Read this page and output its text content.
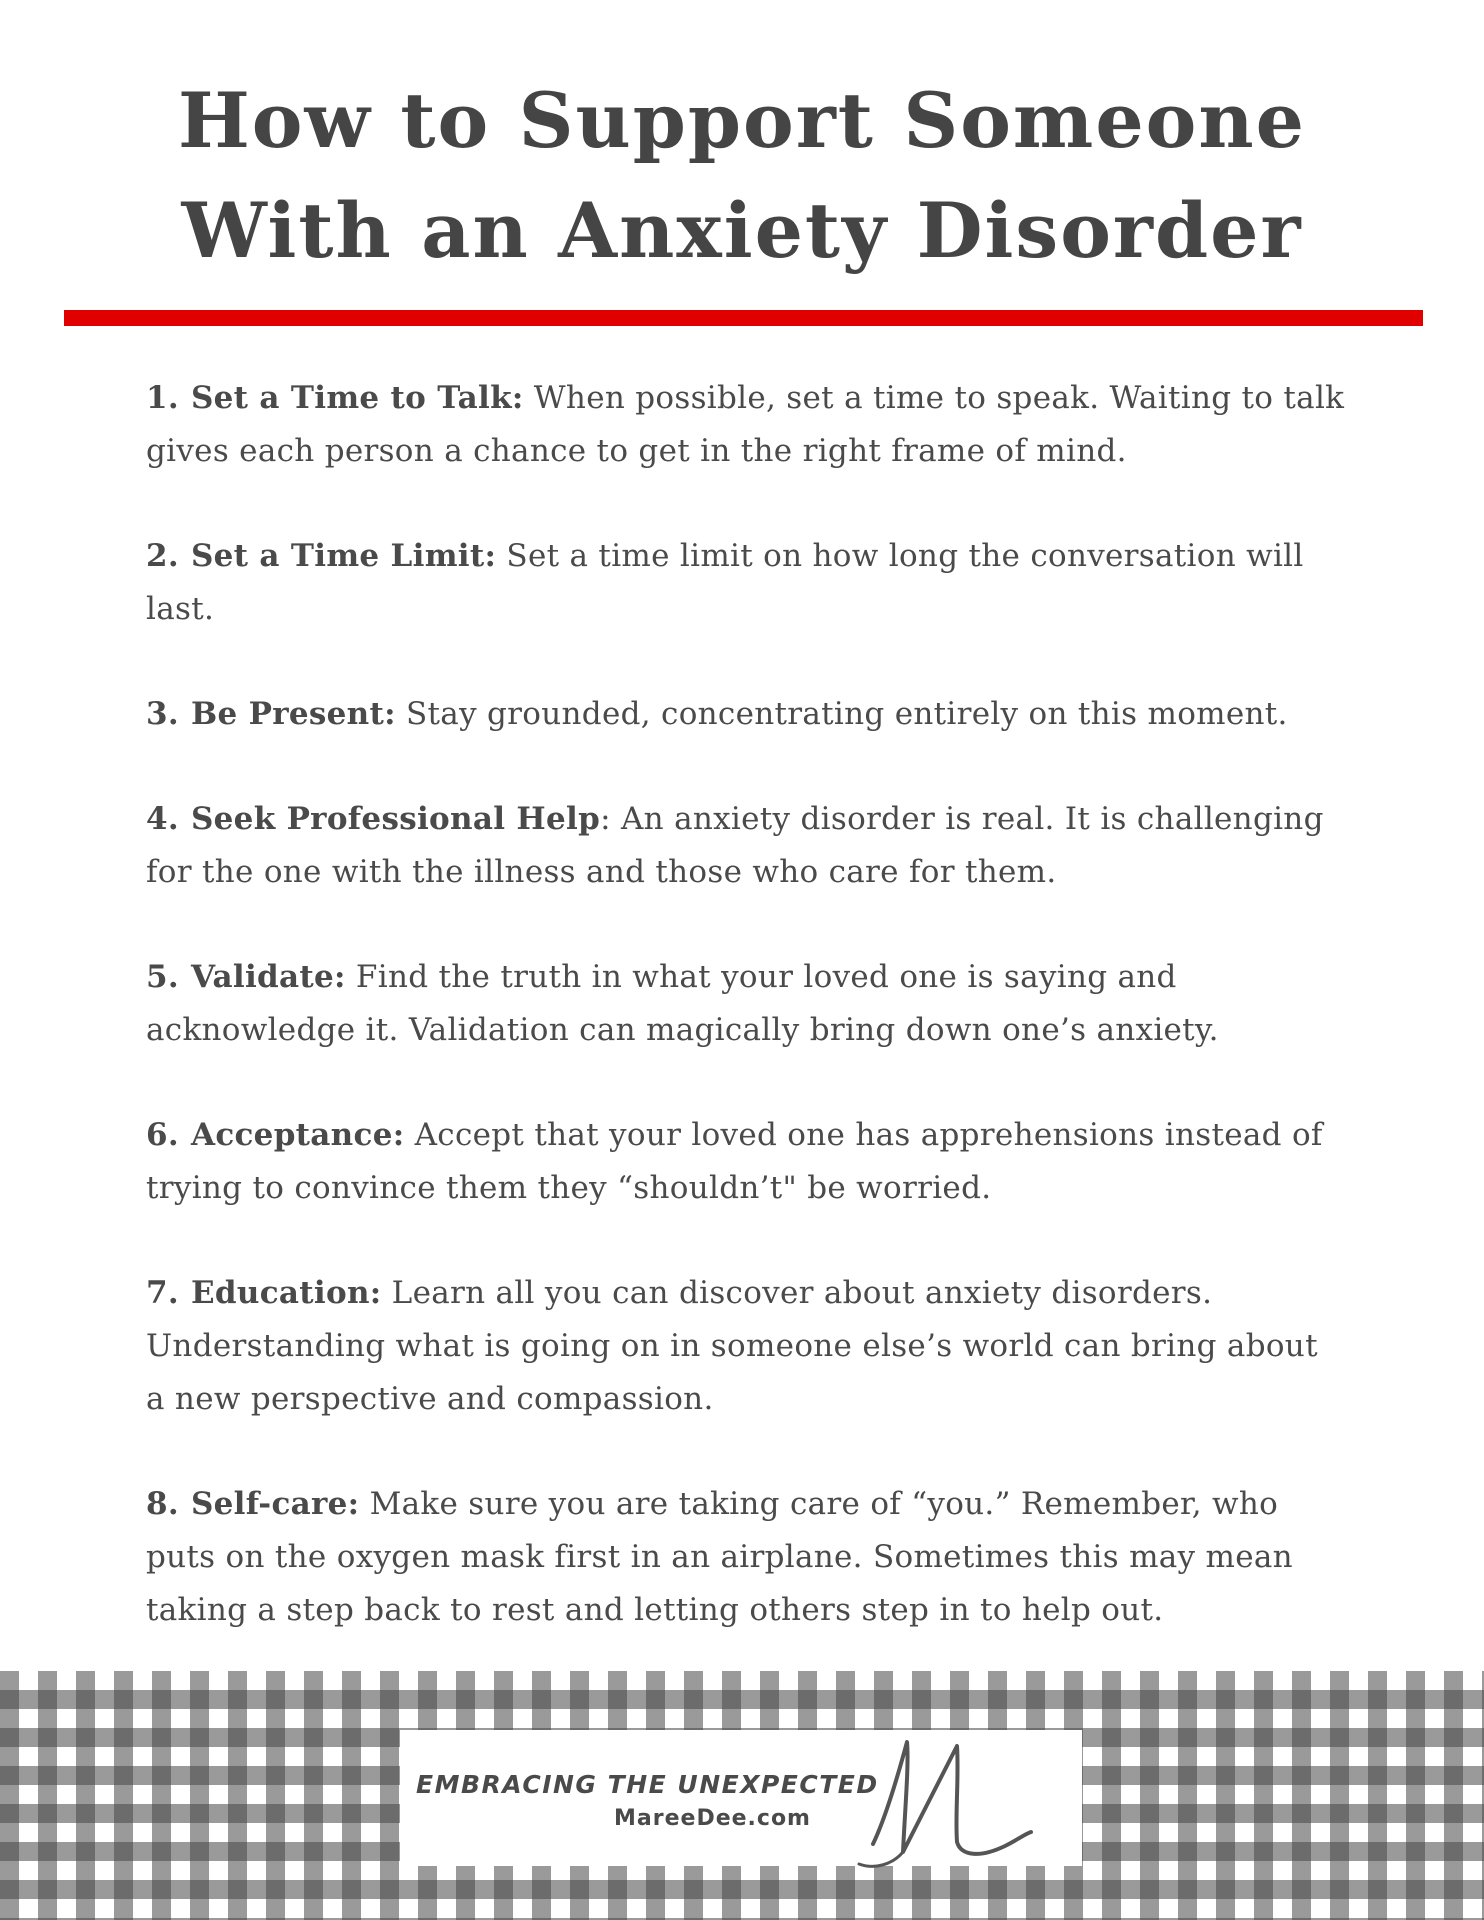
How to Support Someone
With an Anxiety Disorder
1. Set a Time to Talk: When possible, set a time to speak. Waiting to talk gives each person a chance to get in the right frame of mind.
2. Set a Time Limit: Set a time limit on how long the conversation will last.
3. Be Present: Stay grounded, concentrating entirely on this moment.
4. Seek Professional Help: An anxiety disorder is real. It is challenging for the one with the illness and those who care for them.
5. Validate: Find the truth in what your loved one is saying and acknowledge it. Validation can magically bring down one’s anxiety.
6. Acceptance: Accept that your loved one has apprehensions instead of trying to convince them they “shouldn’t" be worried.
7. Education: Learn all you can discover about anxiety disorders. Understanding what is going on in someone else’s world can bring about a new perspective and compassion.
8. Self-care: Make sure you are taking care of “you.” Remember, who puts on the oxygen mask first in an airplane. Sometimes this may mean taking a step back to rest and letting others step in to help out.
EMBRACING THE UNEXPECTED
MareeDee.com
